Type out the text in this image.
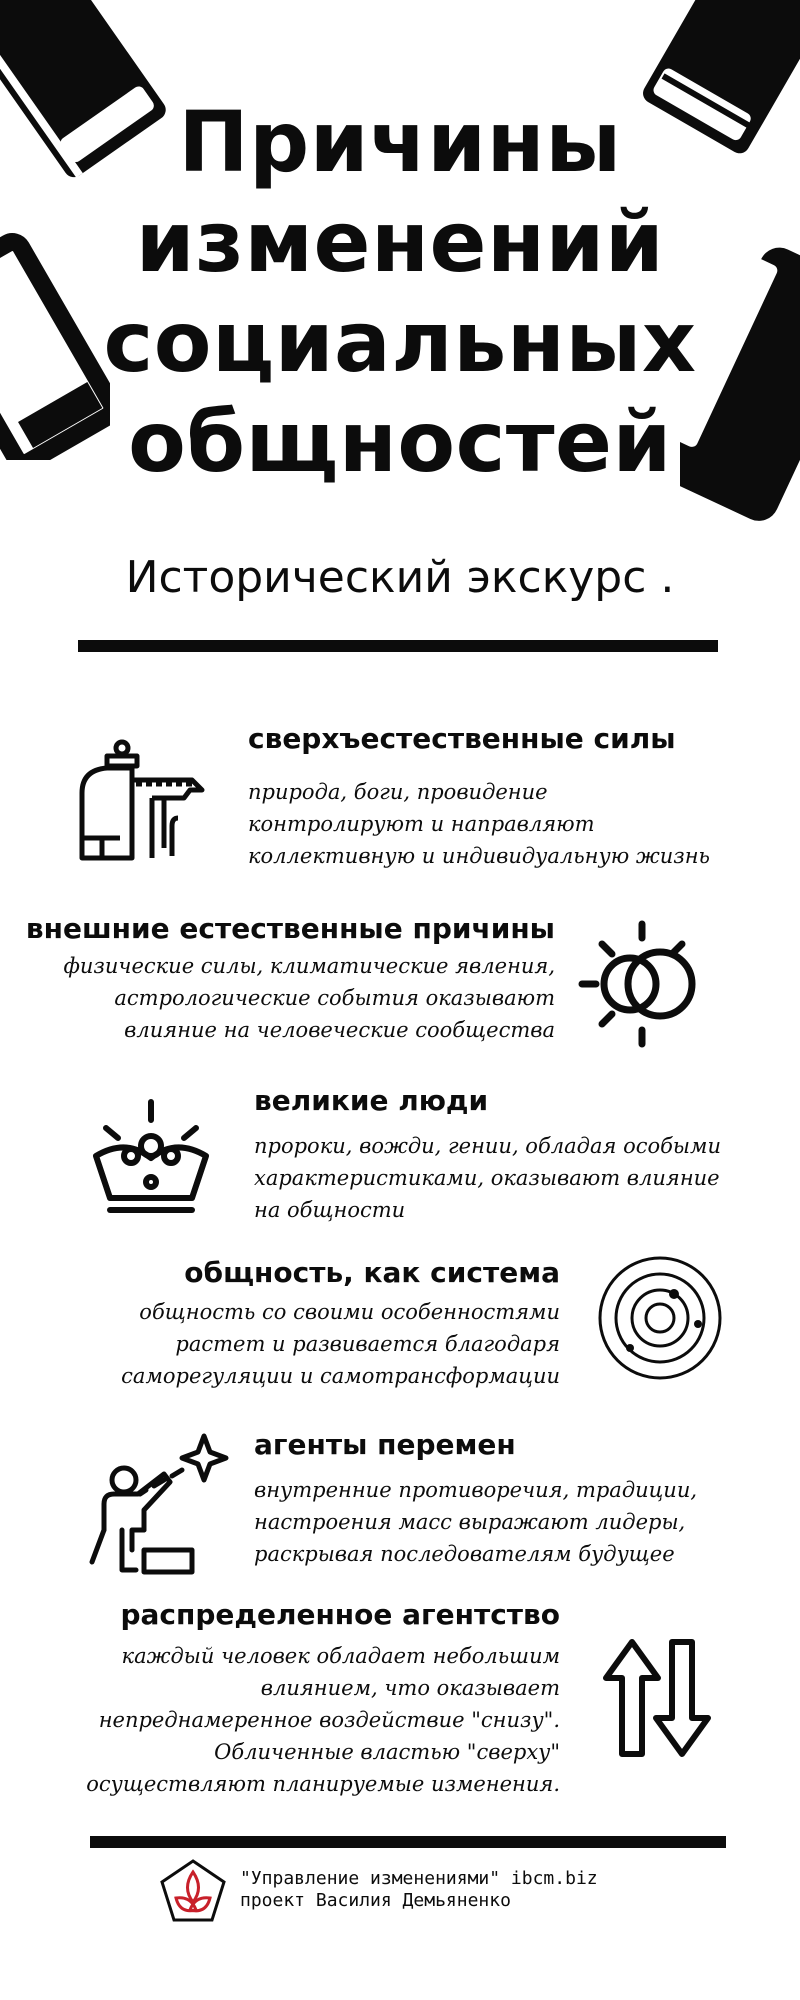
Причины
изменений
социальных
общностей
Исторический экскурс .
сверхъестественные силы
природа, боги, провидение контролируют и направляют коллективную и индивидуальную жизнь
внешние естественные причины
физические силы, климатические явления, астрологические события оказывают влияние на человеческие сообщества
великие люди
пророки, вожди, гении, обладая особыми характеристиками, оказывают влияние на общности
общность, как система
общность со своими особенностями растет и развивается благодаря саморегуляции и самотрансформации
агенты перемен
внутренние противоречия, традиции, настроения масс выражают лидеры, раскрывая последователям будущее
распределенное агентство
каждый человек обладает небольшим влиянием, что оказывает непреднамеренное воздействие "снизу". Обличенные властью "сверху" осуществляют планируемые изменения.
"Управление изменениями" ibcm.biz
проект Василия Демьяненко
